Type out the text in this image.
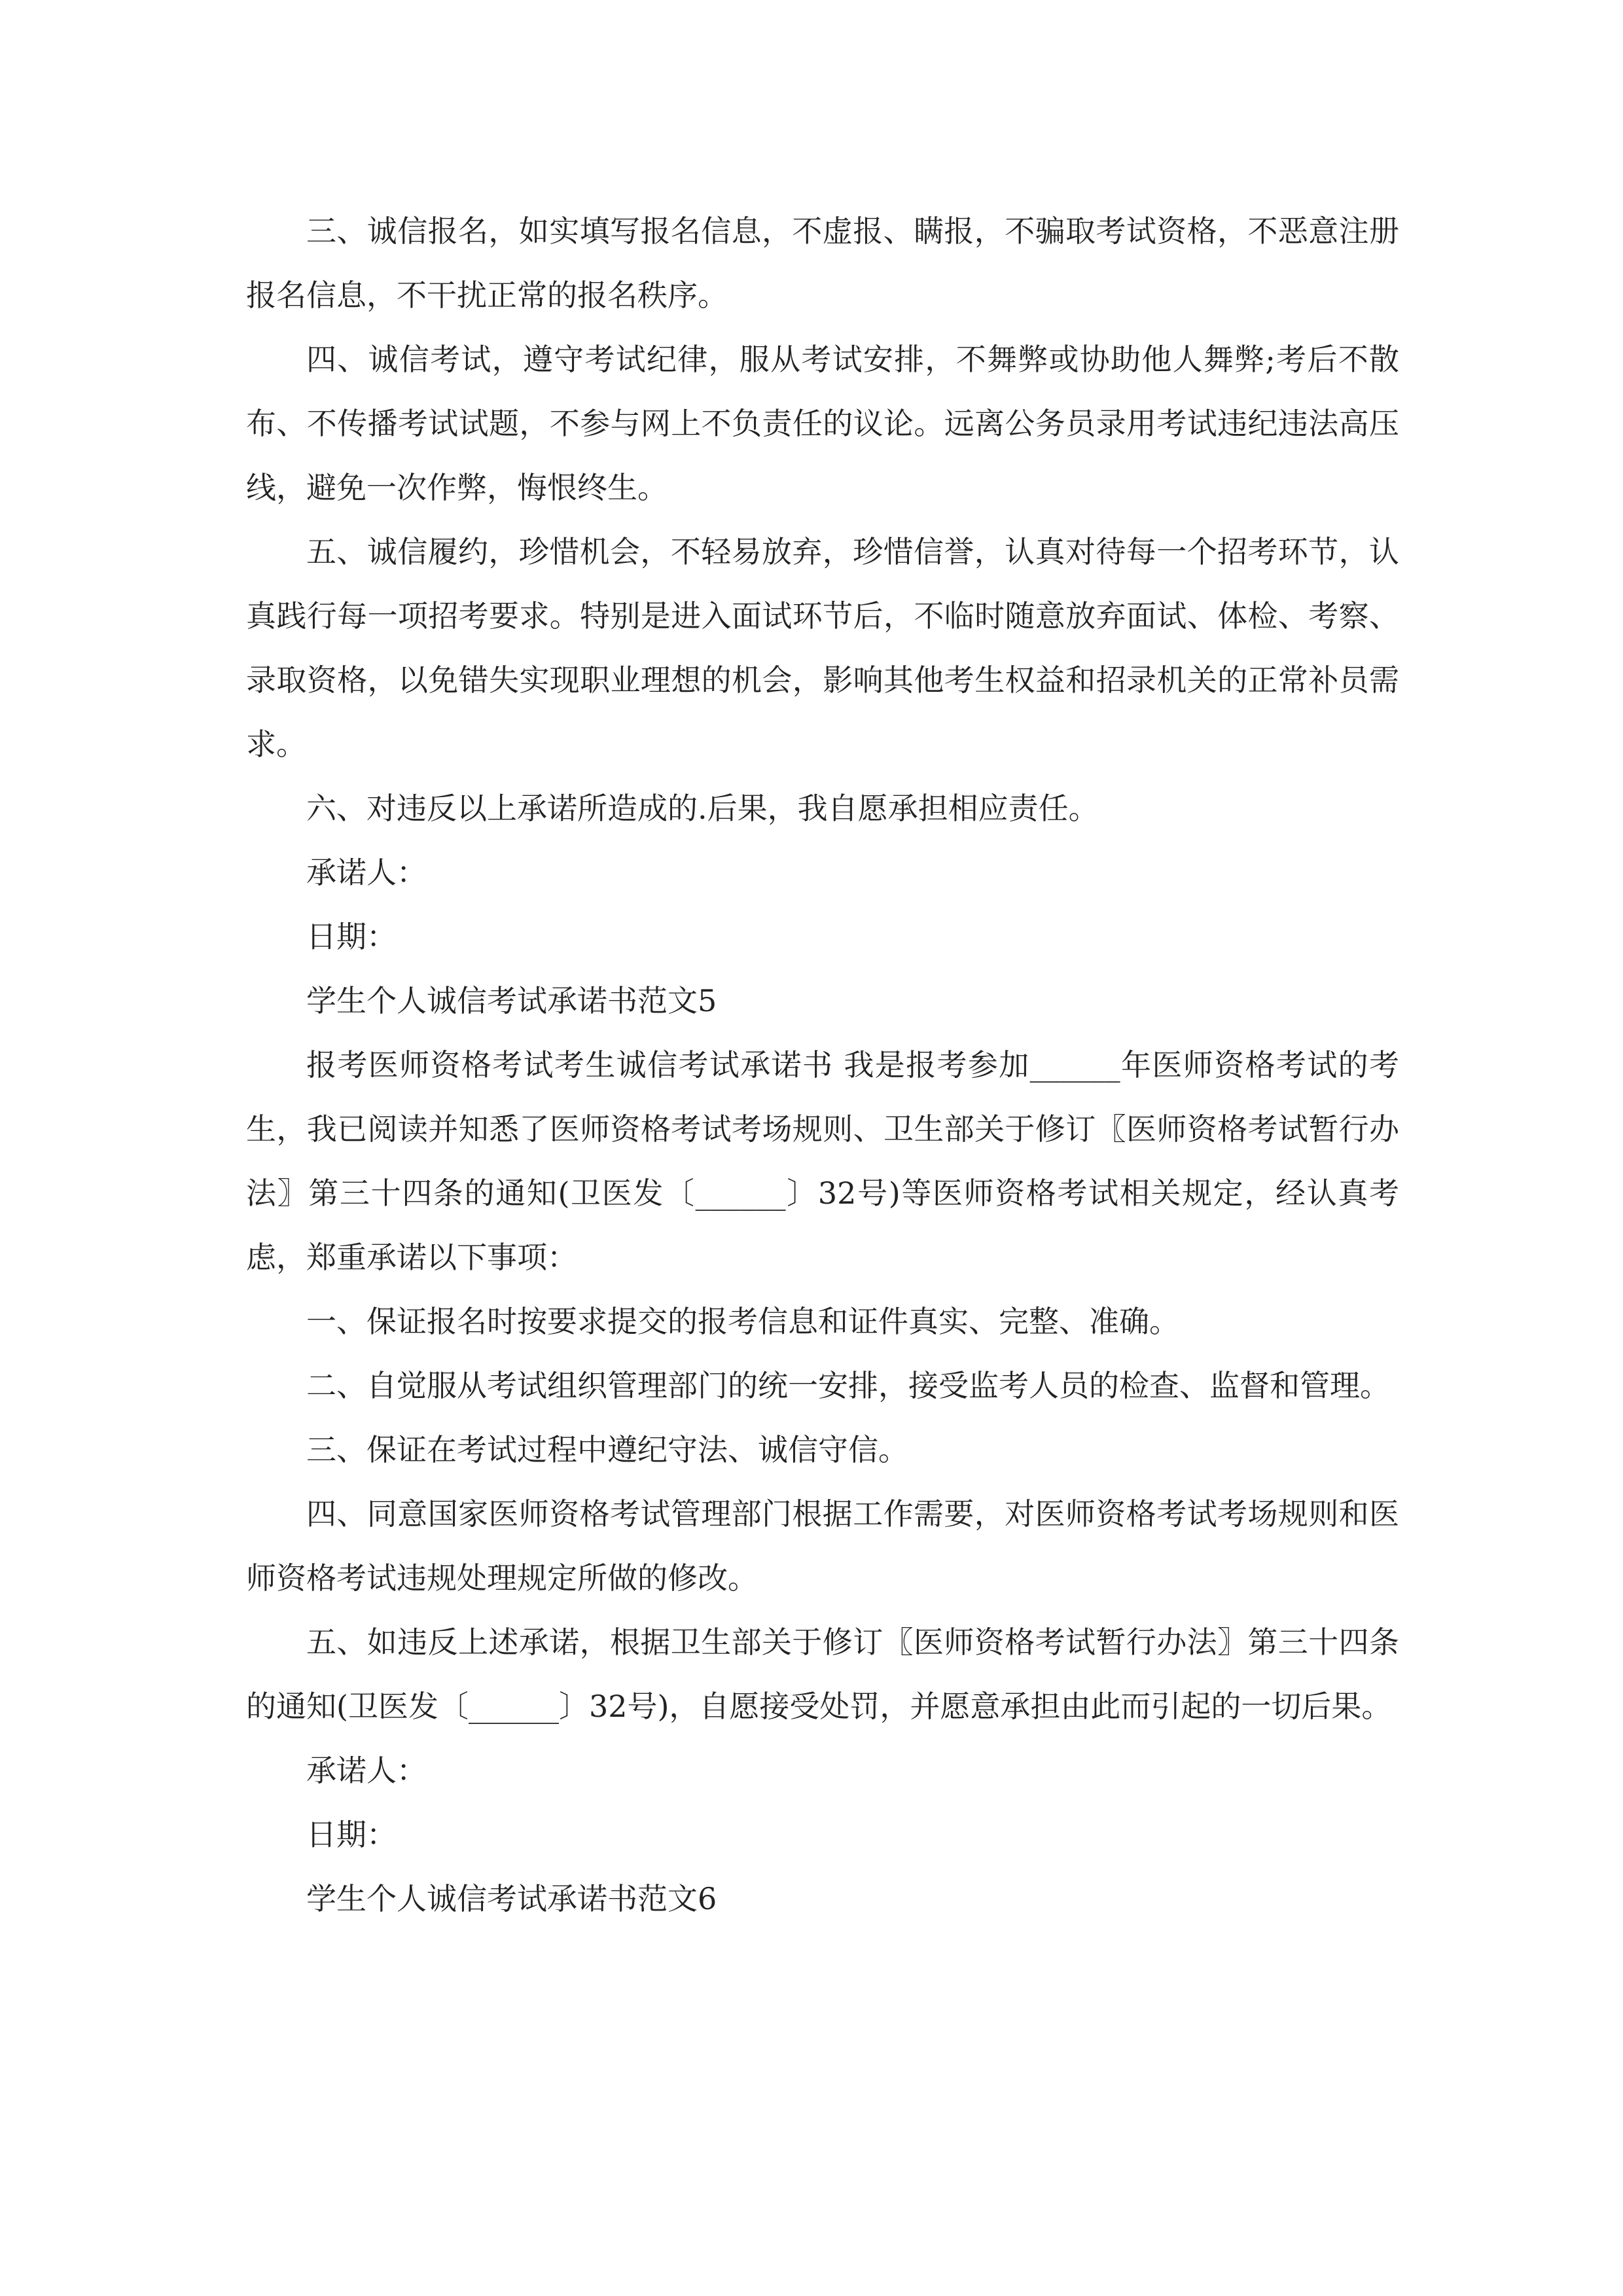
三、诚信报名，如实填写报名信息，不虚报、瞒报，不骗取考试资格，不恶意注册报名信息，不干扰正常的报名秩序。

四、诚信考试，遵守考试纪律，服从考试安排，不舞弊或协助他人舞弊;考后不散布、不传播考试试题，不参与网上不负责任的议论。远离公务员录用考试违纪违法高压线，避免一次作弊，悔恨终生。

五、诚信履约，珍惜机会，不轻易放弃，珍惜信誉，认真对待每一个招考环节，认真践行每一项招考要求。特别是进入面试环节后，不临时随意放弃面试、体检、考察、录取资格，以免错失实现职业理想的机会，影响其他考生权益和招录机关的正常补员需求。

六、对违反以上承诺所造成的.后果，我自愿承担相应责任。

承诺人：

日期：

学生个人诚信考试承诺书范文5

报考医师资格考试考生诚信考试承诺书 我是报考参加______年医师资格考试的考生，我已阅读并知悉了医师资格考试考场规则、卫生部关于修订〖医师资格考试暂行办法〗第三十四条的通知(卫医发〔______〕32号)等医师资格考试相关规定，经认真考虑，郑重承诺以下事项：

一、保证报名时按要求提交的报考信息和证件真实、完整、准确。

二、自觉服从考试组织管理部门的统一安排，接受监考人员的检查、监督和管理。

三、保证在考试过程中遵纪守法、诚信守信。

四、同意国家医师资格考试管理部门根据工作需要，对医师资格考试考场规则和医师资格考试违规处理规定所做的修改。

五、如违反上述承诺，根据卫生部关于修订〖医师资格考试暂行办法〗第三十四条的通知(卫医发〔______〕32号)，自愿接受处罚，并愿意承担由此而引起的一切后果。

承诺人：

日期：

学生个人诚信考试承诺书范文6
